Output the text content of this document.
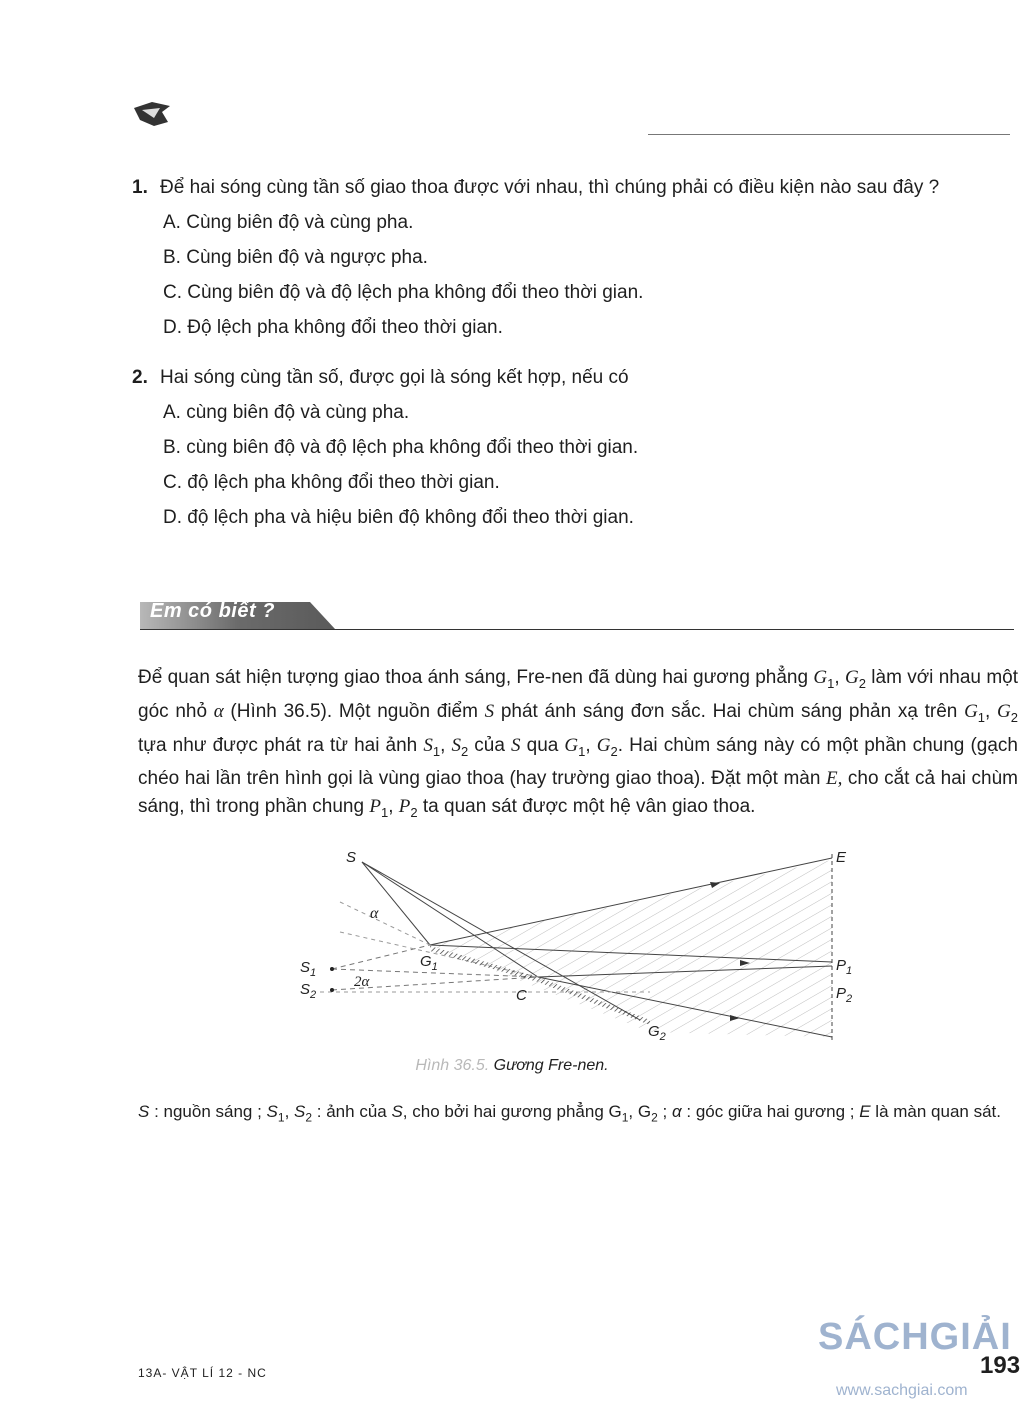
1. Để hai sóng cùng tần số giao thoa được với nhau, thì chúng phải có điều kiện nào sau đây ?
A. Cùng biên độ và cùng pha.
B. Cùng biên độ và ngược pha.
C. Cùng biên độ và độ lệch pha không đổi theo thời gian.
D. Độ lệch pha không đổi theo thời gian.
2. Hai sóng cùng tần số, được gọi là sóng kết hợp, nếu có
A. cùng biên độ và cùng pha.
B. cùng biên độ và độ lệch pha không đổi theo thời gian.
C. độ lệch pha không đổi theo thời gian.
D. độ lệch pha và hiệu biên độ không đổi theo thời gian.
Em có biết ?
Để quan sát hiện tượng giao thoa ánh sáng, Fre-nen đã dùng hai gương phẳng $G_1$, $G_2$ làm với nhau một góc nhỏ α (Hình 36.5). Một nguồn điểm S phát ánh sáng đơn sắc. Hai chùm sáng phản xạ trên $G_1$, $G_2$ tựa như được phát ra từ hai ảnh $S_1$, $S_2$ của S qua $G_1$, $G_2$. Hai chùm sáng này có một phần chung (gạch chéo hai lần trên hình gọi là vùng giao thoa (hay trường giao thoa). Đặt một màn E, cho cắt cả hai chùm sáng, thì trong phần chung $P_1$, $P_2$ ta quan sát được một hệ vân giao thoa.
S	E
α
$S_1$
$S_2$
2α
$G_1$
C
$P_1$
$P_2$
$G_2$
Hình 36.5. Gương Fre-nen.
S : nguồn sáng ; $S_1$, $S_2$ : ảnh của S, cho bởi hai gương phẳng $G_1$, $G_2$ ; α : góc giữa hai gương ; E là màn quan sát.
13A- VẬT LÍ 12 - NC
SÁCHGIẢI
193
www.sachgiai.com
